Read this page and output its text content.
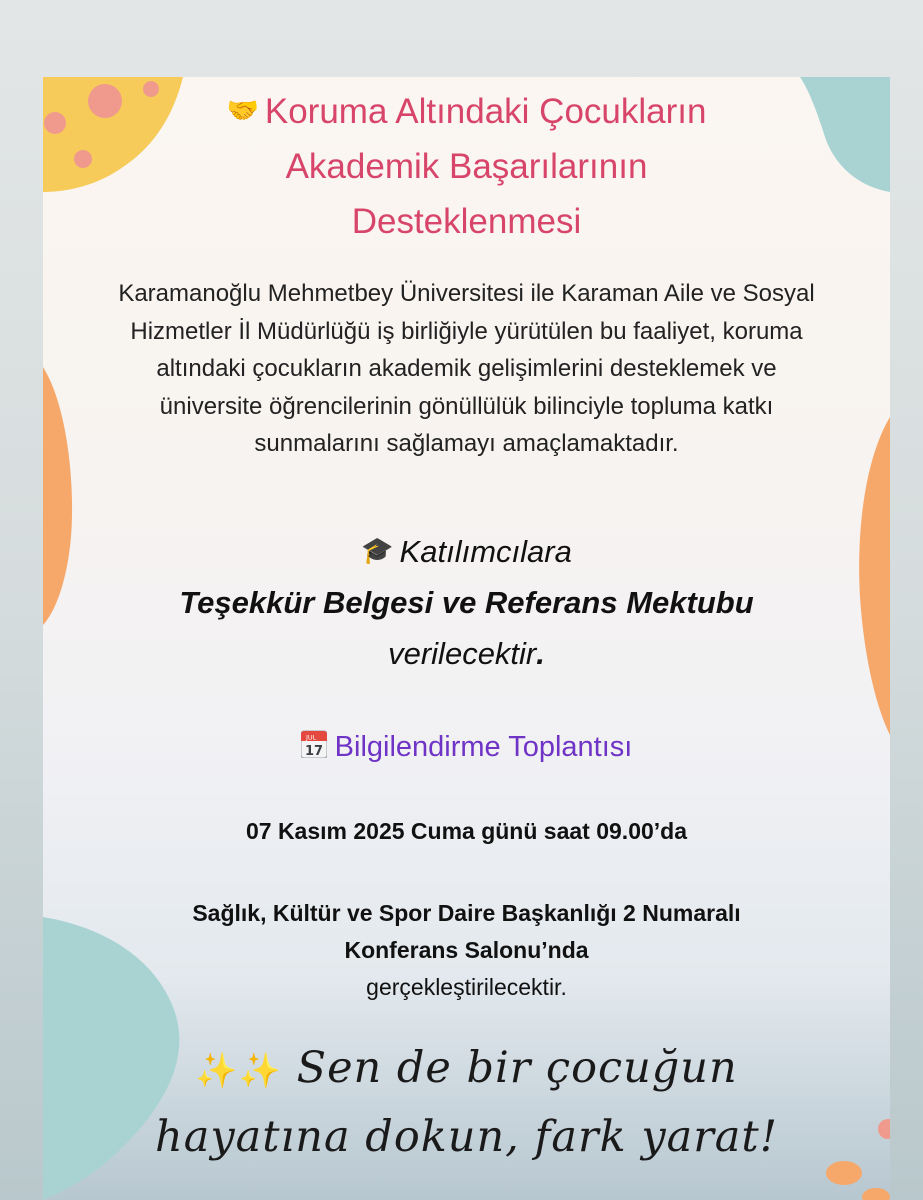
🤝 Koruma Altındaki Çocukların
Akademik Başarılarının
Desteklenmesi
Karamanoğlu Mehmetbey Üniversitesi ile Karaman Aile ve Sosyal
Hizmetler İl Müdürlüğü iş birliğiyle yürütülen bu faaliyet, koruma
altındaki çocukların akademik gelişimlerini desteklemek ve
üniversite öğrencilerinin gönüllülük bilinciyle topluma katkı
sunmalarını sağlamayı amaçlamaktadır.
🎓 Katılımcılara
Teşekkür Belgesi ve Referans Mektubu
verilecektir.
JUL
17 Bilgilendirme Toplantısı
07 Kasım 2025 Cuma günü saat 09.00’da
Sağlık, Kültür ve Spor Daire Başkanlığı 2 Numaralı
Konferans Salonu’nda
gerçekleştirilecektir.
✨✨ Sen de bir çocuğun
hayatına dokun, fark yarat!
